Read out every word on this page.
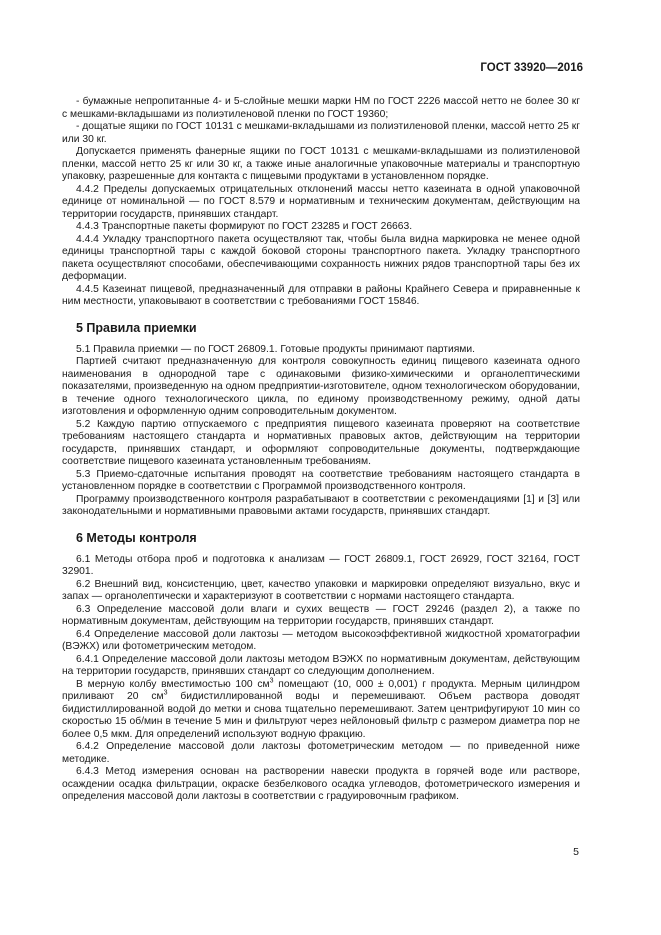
ГОСТ 33920—2016

- бумажные непропитанные 4- и 5-слойные мешки марки НМ по ГОСТ 2226 массой нетто не более 30 кг с мешками-вкладышами из полиэтиленовой пленки по ГОСТ 19360;

- дощатые ящики по ГОСТ 10131 с мешками-вкладышами из полиэтиленовой пленки, массой нетто 25 кг или 30 кг.

Допускается применять фанерные ящики по ГОСТ 10131 с мешками-вкладышами из полиэтиленовой пленки, массой нетто 25 кг или 30 кг, а также иные аналогичные упаковочные материалы и транспортную упаковку, разрешенные для контакта с пищевыми продуктами в установленном порядке.

4.4.2 Пределы допускаемых отрицательных отклонений массы нетто казеината в одной упаковочной единице от номинальной — по ГОСТ 8.579 и нормативным и техническим документам, действующим на территории государств, принявших стандарт.

4.4.3 Транспортные пакеты формируют по ГОСТ 23285 и ГОСТ 26663.

4.4.4 Укладку транспортного пакета осуществляют так, чтобы была видна маркировка не менее одной единицы транспортной тары с каждой боковой стороны транспортного пакета. Укладку транспортного пакета осуществляют способами, обеспечивающими сохранность нижних рядов транспортной тары без их деформации.

4.4.5 Казеинат пищевой, предназначенный для отправки в районы Крайнего Севера и приравненные к ним местности, упаковывают в соответствии с требованиями ГОСТ 15846.

5 Правила приемки

5.1 Правила приемки — по ГОСТ 26809.1. Готовые продукты принимают партиями.

Партией считают предназначенную для контроля совокупность единиц пищевого казеината одного наименования в однородной таре с одинаковыми физико-химическими и органолептическими показателями, произведенную на одном предприятии-изготовителе, одном технологическом оборудовании, в течение одного технологического цикла, по единому производственному режиму, одной даты изготовления и оформленную одним сопроводительным документом.

5.2 Каждую партию отпускаемого с предприятия пищевого казеината проверяют на соответствие требованиям настоящего стандарта и нормативных правовых актов, действующим на территории государств, принявших стандарт, и оформляют сопроводительные документы, подтверждающие соответствие пищевого казеината установленным требованиям.

5.3 Приемо-сдаточные испытания проводят на соответствие требованиям настоящего стандарта в установленном порядке в соответствии с Программой производственного контроля.

Программу производственного контроля разрабатывают в соответствии с рекомендациями [1] и [3] или законодательными и нормативными правовыми актами государств, принявших стандарт.

6 Методы контроля

6.1 Методы отбора проб и подготовка к анализам — ГОСТ 26809.1, ГОСТ 26929, ГОСТ 32164, ГОСТ 32901.

6.2 Внешний вид, консистенцию, цвет, качество упаковки и маркировки определяют визуально, вкус и запах — органолептически и характеризуют в соответствии с нормами настоящего стандарта.

6.3 Определение массовой доли влаги и сухих веществ — ГОСТ 29246 (раздел 2), а также по нормативным документам, действующим на территории государств, принявших стандарт.

6.4 Определение массовой доли лактозы — методом высокоэффективной жидкостной хроматографии (ВЭЖХ) или фотометрическим методом.

6.4.1 Определение массовой доли лактозы методом ВЭЖХ по нормативным документам, действующим на территории государств, принявших стандарт со следующим дополнением.

В мерную колбу вместимостью 100 $см^3$ помещают (10, 000 ± 0,001) г продукта. Мерным цилиндром приливают 20 $см^3$ бидистиллированной воды и перемешивают. Объем раствора доводят бидистиллированной водой до метки и снова тщательно перемешивают. Затем центрифугируют 10 мин со скоростью 15 об/мин в течение 5 мин и фильтруют через нейлоновый фильтр с размером диаметра пор не более 0,5 мкм. Для определений используют водную фракцию.

6.4.2 Определение массовой доли лактозы фотометрическим методом — по приведенной ниже методике.

6.4.3 Метод измерения основан на растворении навески продукта в горячей воде или растворе, осаждении осадка фильтрации, окраске безбелкового осадка углеводов, фотометрического измерения и определения массовой доли лактозы в соответствии с градуировочным графиком.

5
